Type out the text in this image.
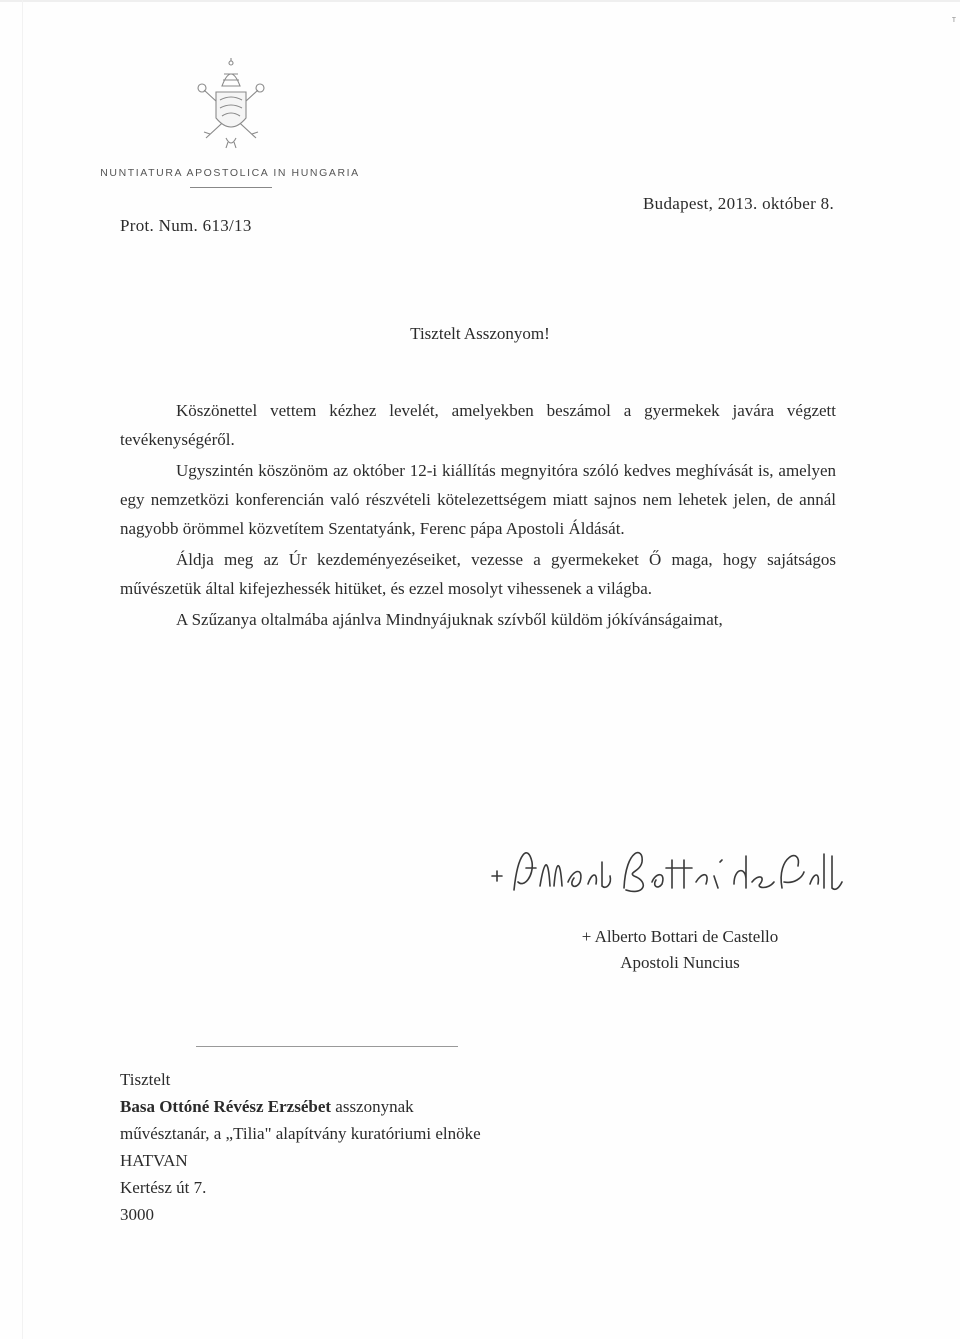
т
NUNTIATURA APOSTOLICA IN HUNGARIA
Prot. Num. 613/13
Budapest, 2013. október 8.
Tisztelt Asszonyom!

Köszönettel vettem kézhez levelét, amelyekben beszámol a gyermekek javára végzett tevékenységéről.

Ugyszintén köszönöm az október 12-i kiállítás megnyitóra szóló kedves meghívását is, amelyen egy nemzetközi konferencián való részvételi kötelezettségem miatt sajnos nem lehetek jelen, de annál nagyobb örömmel közvetítem Szentatyánk, Ferenc pápa Apostoli Áldását.

Áldja meg az Úr kezdeményezéseiket, vezesse a gyermekeket Ő maga, hogy sajátságos művészetük által kifejezhessék hitüket, és ezzel mosolyt vihessenek a világba.

A Szűzanya oltalmába ajánlva Mindnyájuknak szívből küldöm jókívánságaimat,

+ Alberto Bottari de Castello
Apostoli Nuncius
Tisztelt
Basa Ottóné Révész Erzsébet asszonynak
művésztanár, a „Tilia" alapítvány kuratóriumi elnöke
HATVAN
Kertész út 7.
3000
